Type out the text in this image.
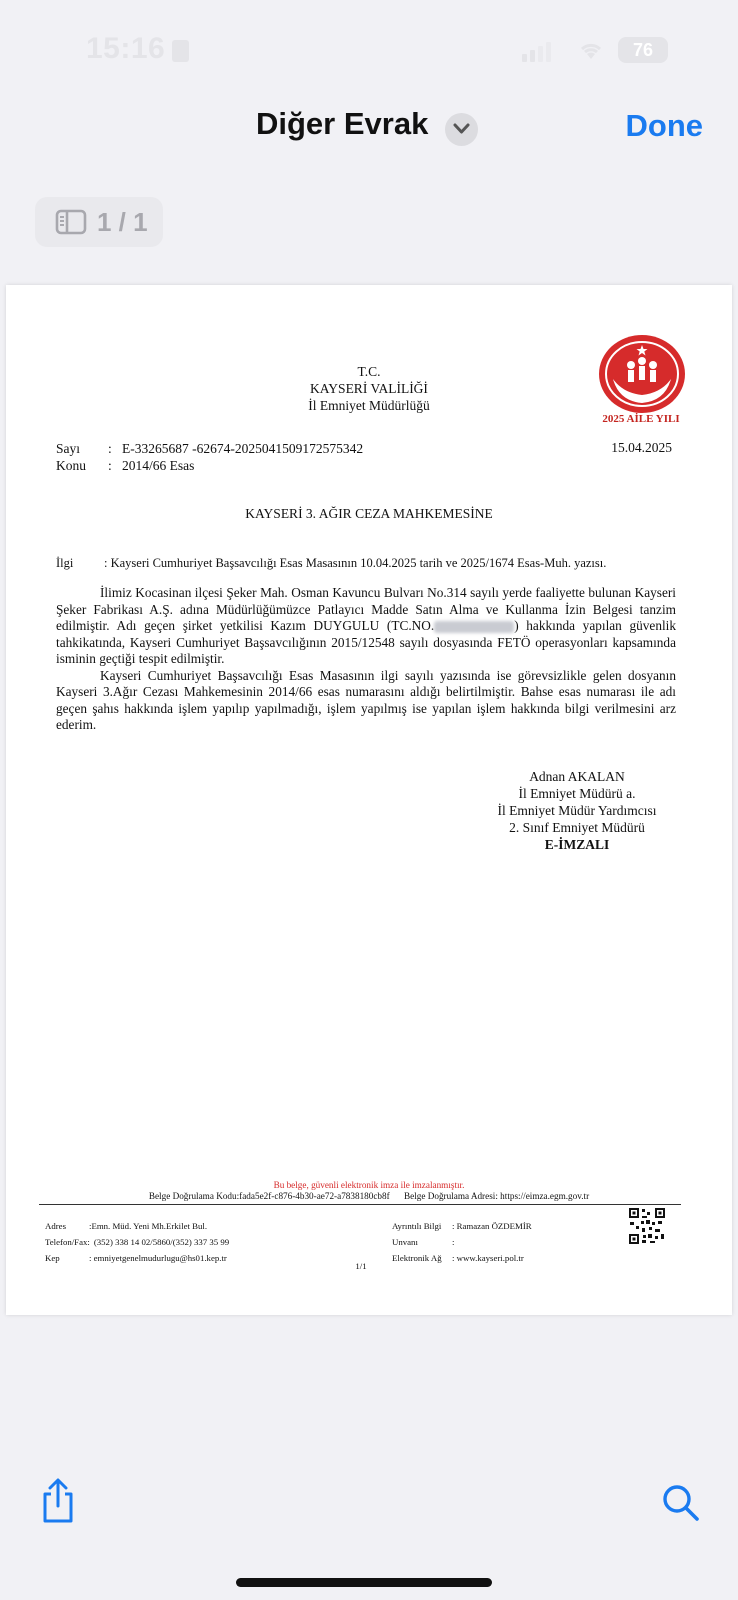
15:16	76
Diğer Evrak	Done
1 / 1
T.C.
KAYSERİ VALİLİĞİ
İl Emniyet Müdürlüğü
2025 AİLE YILI
Sayı	: E-33265687 -62674-2025041509172575342
Konu	: 2014/66 Esas
15.04.2025
KAYSERİ 3. AĞIR CEZA MAHKEMESİNE
İlgi	: Kayseri Cumhuriyet Başsavcılığı Esas Masasının 10.04.2025 tarih ve 2025/1674 Esas-Muh. yazısı.

İlimiz Kocasinan ilçesi Şeker Mah. Osman Kavuncu Bulvarı No.314 sayılı yerde faaliyette bulunan Kayseri Şeker Fabrikası A.Ş. adına Müdürlüğümüzce Patlayıcı Madde Satın Alma ve Kullanma İzin Belgesi tanzim edilmiştir. Adı geçen şirket yetkilisi Kazım DUYGULU (TC.NO.	) hakkında yapılan güvenlik tahkikatında, Kayseri Cumhuriyet Başsavcılığının 2015/12548 sayılı dosyasında FETÖ operasyonları kapsamında isminin geçtiği tespit edilmiştir.

Kayseri Cumhuriyet Başsavcılığı Esas Masasının ilgi sayılı yazısında ise görevsizlikle gelen dosyanın Kayseri 3.Ağır Cezası Mahkemesinin 2014/66 esas numarasını aldığı belirtilmiştir. Bahse esas numarası ile adı geçen şahıs hakkında işlem yapılıp yapılmadığı, işlem yapılmış ise yapılan işlem hakkında bilgi verilmesini arz ederim.

Adnan AKALAN
İl Emniyet Müdürü a.
İl Emniyet Müdür Yardımcısı
2. Sınıf Emniyet Müdürü
E-İMZALI
Bu belge, güvenli elektronik imza ile imzalanmıştır.
Belge Doğrulama Kodu:fada5e2f-c876-4b30-ae72-a7838180cb8f Belge Doğrulama Adresi: https://eimza.egm.gov.tr
Adres	:Emn. Müd. Yeni Mh.Erkilet Bul.
Telefon/Fax: (352) 338 14 02/5860/(352) 337 35 99
Kep	: emniyetgenelmudurlugu@hs01.kep.tr
Ayrıntılı Bilgi	: Ramazan ÖZDEMİR
Unvanı	:
Elektronik Ağ	: www.kayseri.pol.tr
1/1
